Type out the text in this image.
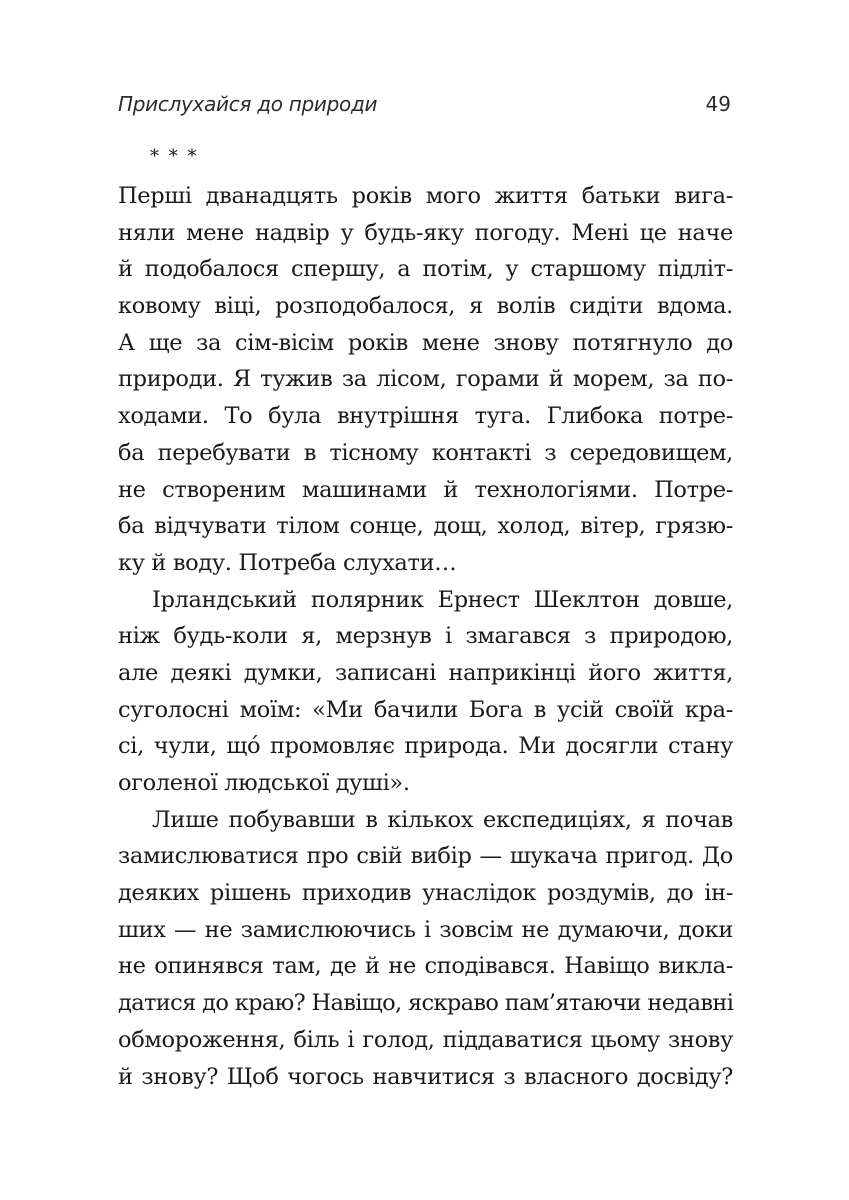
Прислухайся до природи	49
* * *
Перші дванадцять років мого життя батьки вига-
няли мене надвір у будь-яку погоду. Мені це наче
й подобалося спершу, а потім, у старшому підліт-
ковому віці, розподобалося, я волів сидіти вдома.
А ще за сім-вісім років мене знову потягнуло до
природи. Я тужив за лісом, горами й морем, за по-
ходами. То була внутрішня туга. Глибока потре-
ба перебувати в тісному контакті з середовищем,
не створеним машинами й технологіями. Потре-
ба відчувати тілом сонце, дощ, холод, вітер, грязю-
ку й воду. Потреба слухати…
Ірландський полярник Ернест Шеклтон довше,
ніж будь-коли я, мерзнув і змагався з природою,
але деякі думки, записані наприкінці його життя,
суголосні моїм: «Ми бачили Бога в усій своїй кра-
сі, чули, щó промовляє природа. Ми досягли стану
оголеної людської душі».
Лише побувавши в кількох експедиціях, я почав
замислюватися про свій вибір — шукача пригод. До
деяких рішень приходив унаслідок роздумів, до ін-
ших — не замислюючись і зовсім не думаючи, доки
не опинявся там, де й не сподівався. Навіщо викла-
датися до краю? Навіщо, яскраво пам’ятаючи недавні
обмороження, біль і голод, піддаватися цьому знову
й знову? Щоб чогось навчитися з власного досвіду?
